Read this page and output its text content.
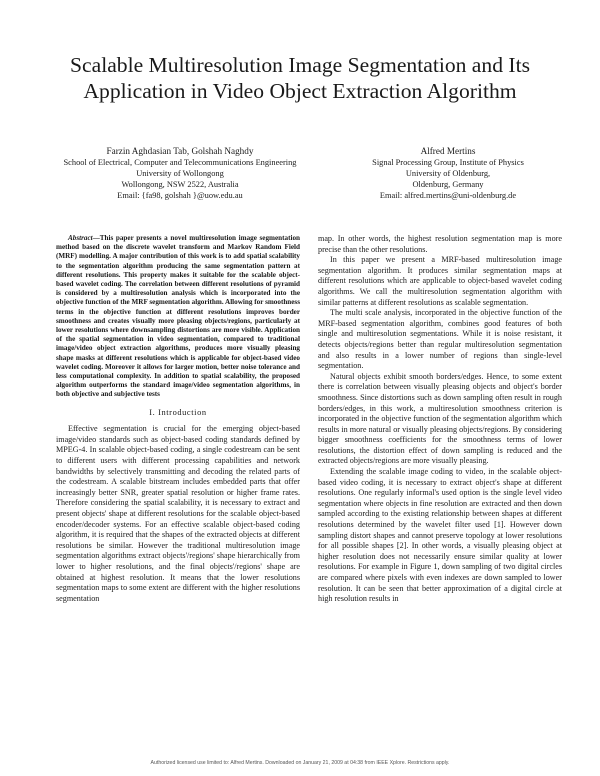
Scalable Multiresolution Image Segmentation and Its Application in Video Object Extraction Algorithm
Farzin Aghdasian Tab, Golshah Naghdy
School of Electrical, Computer and Telecommunications Engineering
University of Wollongong
Wollongong, NSW 2522, Australia
Email: {fa98, golshah }@uow.edu.au
Alfred Mertins
Signal Processing Group, Institute of Physics
University of Oldenburg,
Oldenburg, Germany
Email: alfred.mertins@uni-oldenburg.de

Abstract—This paper presents a novel multiresolution image segmentation method based on the discrete wavelet transform and Markov Random Field (MRF) modelling. A major contribution of this work is to add spatial scalability to the segmentation algorithm producing the same segmentation pattern at different resolutions. This property makes it suitable for the scalable object-based wavelet coding. The correlation between different resolutions of pyramid is considered by a multiresolution analysis which is incorporated into the objective function of the MRF segmentation algorithm. Allowing for smoothness terms in the objective function at different resolutions improves border smoothness and creates visually more pleasing objects/regions, particularly at lower resolutions where downsampling distortions are more visible. Application of the spatial segmentation in video segmentation, compared to traditional image/video object extraction algorithms, produces more visually pleasing shape masks at different resolutions which is applicable for object-based video wavelet coding. Moreover it allows for larger motion, better noise tolerance and less computational complexity. In addition to spatial scalability, the proposed algorithm outperforms the standard image/video segmentation algorithms, in both objective and subjective tests

I. Introduction

Effective segmentation is crucial for the emerging object-based image/video standards such as object-based coding standards defined by MPEG-4. In scalable object-based coding, a single codestream can be sent to different users with different processing capabilities and network bandwidths by selectively transmitting and decoding the related parts of the codestream. A scalable bitstream includes embedded parts that offer increasingly better SNR, greater spatial resolution or higher frame rates. Therefore considering the spatial scalability, it is necessary to extract and present objects' shape at different resolutions for the scalable object-based encoder/decoder systems. For an effective scalable object-based coding algorithm, it is required that the shapes of the extracted objects at different resolutions be similar. However the traditional multiresolution image segmentation algorithms extract objects'/regions' shape hierarchically from lower to higher resolutions, and the final objects'/regions' shape are obtained at highest resolution. It means that the lower resolutions segmentation maps to some extent are different with the higher resolutions segmentation

map. In other words, the highest resolution segmentation map is more precise than the other resolutions.

In this paper we present a MRF-based multiresolution image segmentation algorithm. It produces similar segmentation maps at different resolutions which are applicable to object-based wavelet coding algorithms. We call the multiresolution segmentation algorithm with similar patterns at different resolutions as scalable segmentation.

The multi scale analysis, incorporated in the objective function of the MRF-based segmentation algorithm, combines good features of both single and multiresolution segmentations. While it is noise resistant, it detects objects/regions better than regular multiresolution segmentation and also results in a lower number of regions than single-level segmentation.

Natural objects exhibit smooth borders/edges. Hence, to some extent there is correlation between visually pleasing objects and object's border smoothness. Since distortions such as down sampling often result in rough borders/edges, in this work, a multiresolution smoothness criterion is incorporated in the objective function of the segmentation algorithm which results in more natural or visually pleasing objects/regions. By considering bigger smoothness coefficients for the smoothness terms of lower resolutions, the distortion effect of down sampling is reduced and the extracted objects/regions are more visually pleasing.

Extending the scalable image coding to video, in the scalable object-based video coding, it is necessary to extract object's shape at different resolutions. One regularly informal's used option is the single level video segmentation where objects in fine resolution are extracted and then down sampled according to the existing relationship between shapes at different resolutions determined by the wavelet filter used [1]. However down sampling distort shapes and cannot preserve topology at lower resolutions for all possible shapes [2]. In other words, a visually pleasing object at higher resolution does not necessarily ensure similar quality at lower resolutions. For example in Figure 1, down sampling of two digital circles are compared where pixels with even indexes are down sampled to lower resolution. It can be seen that better approximation of a digital circle at high resolution results in

Authorized licensed use limited to: Alfred Mertins. Downloaded on January 21, 2009 at 04:38 from IEEE Xplore. Restrictions apply.
